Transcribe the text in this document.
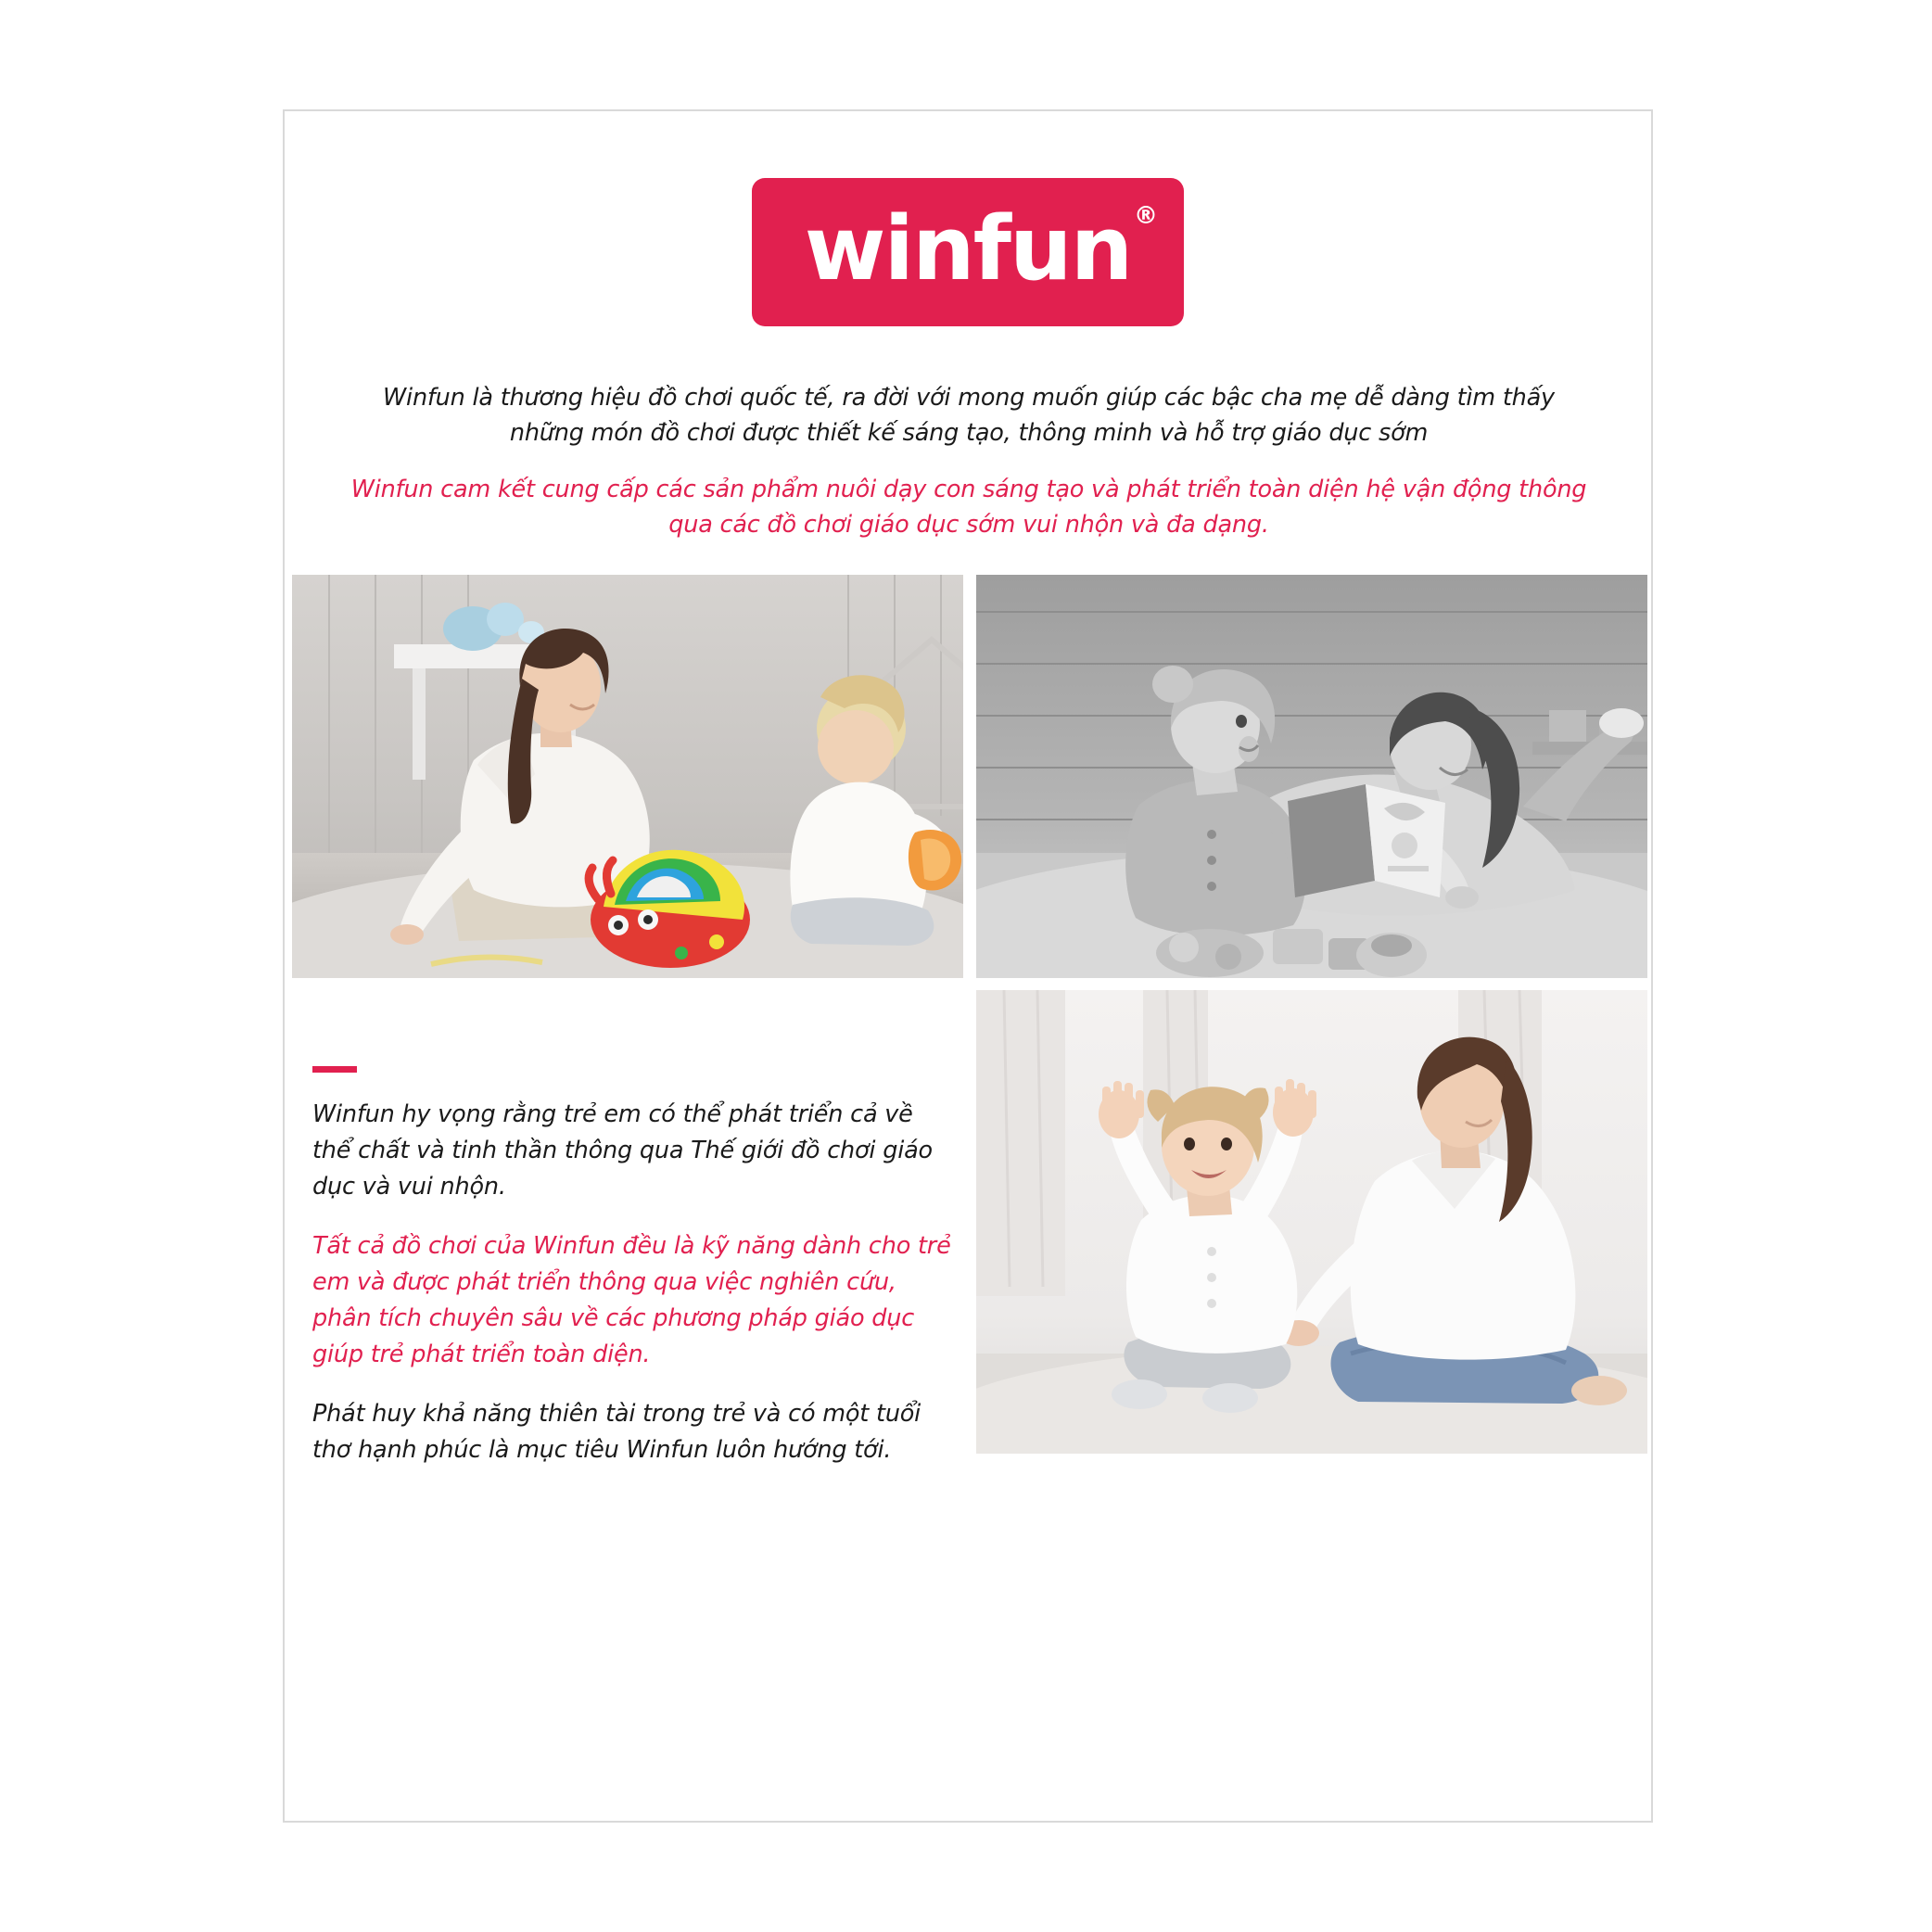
winfun ®

Winfun là thương hiệu đồ chơi quốc tế, ra đời với mong muốn giúp các bậc cha mẹ dễ dàng tìm thấy những món đồ chơi được thiết kế sáng tạo, thông minh và hỗ trợ giáo dục sớm

Winfun cam kết cung cấp các sản phẩm nuôi dạy con sáng tạo và phát triển toàn diện hệ vận động thông qua các đồ chơi giáo dục sớm vui nhộn và đa dạng.

Winfun hy vọng rằng trẻ em có thể phát triển cả về thể chất và tinh thần thông qua Thế giới đồ chơi giáo dục và vui nhộn.

Tất cả đồ chơi của Winfun đều là kỹ năng dành cho trẻ em và được phát triển thông qua việc nghiên cứu, phân tích chuyên sâu về các phương pháp giáo dục giúp trẻ phát triển toàn diện.

Phát huy khả năng thiên tài trong trẻ và có một tuổi thơ hạnh phúc là mục tiêu Winfun luôn hướng tới.
